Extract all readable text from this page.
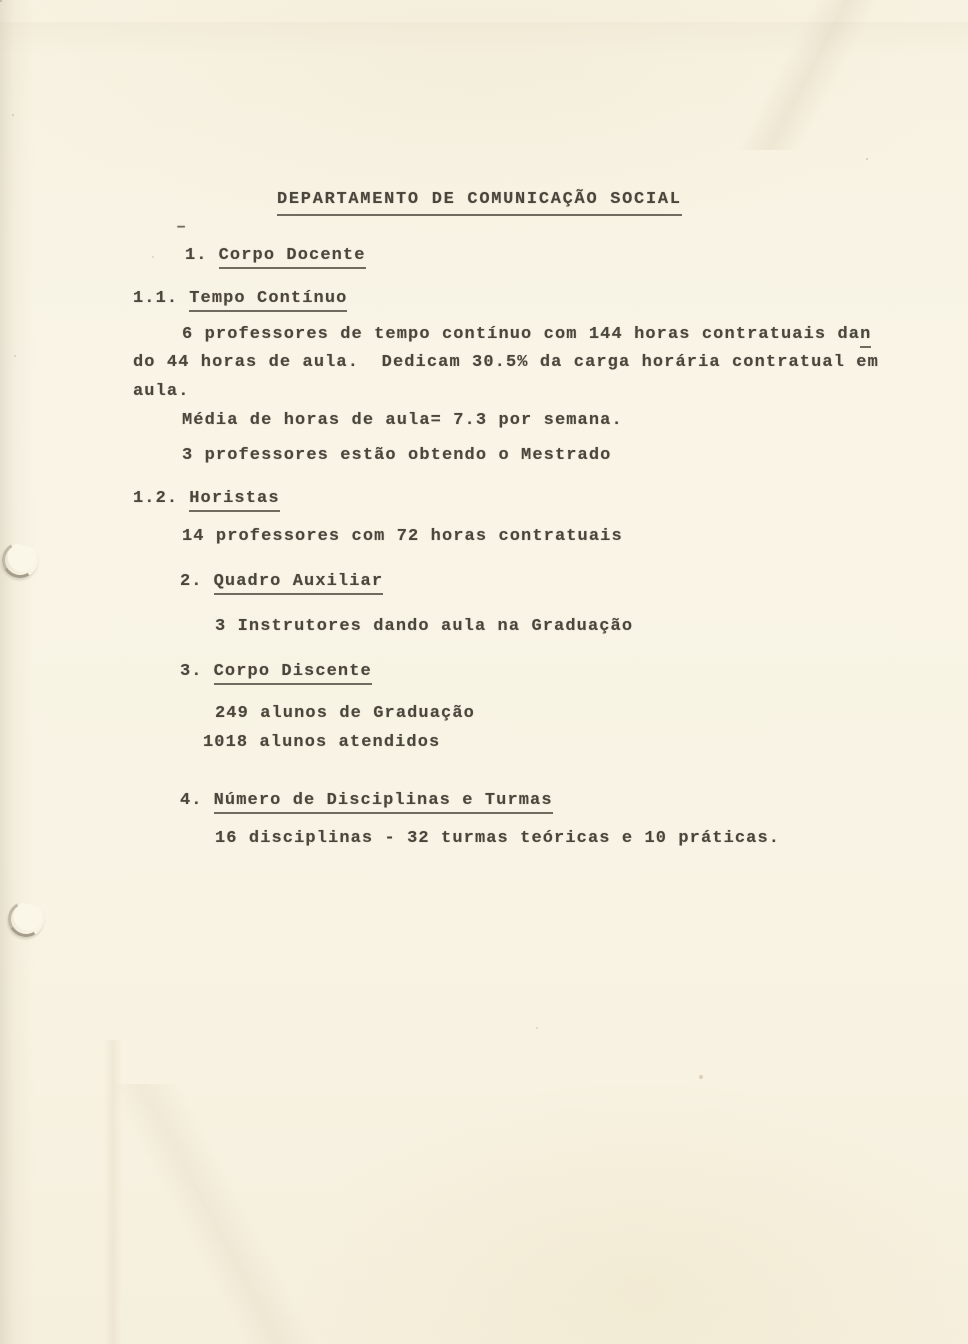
DEPARTAMENTO DE COMUNICAÇÃO SOCIAL
–
1. Corpo Docente
1.1. Tempo Contínuo
6 professores de tempo contínuo com 144 horas contratuais dan
do 44 horas de aula.  Dedicam 30.5% da carga horária contratual em
aula.
Média de horas de aula= 7.3 por semana.
3 professores estão obtendo o Mestrado
1.2. Horistas
14 professores com 72 horas contratuais
2. Quadro Auxiliar
3 Instrutores dando aula na Graduação
3. Corpo Discente
249 alunos de Graduação
1018 alunos atendidos
4. Número de Disciplinas e Turmas
16 disciplinas - 32 turmas teóricas e 10 práticas.
